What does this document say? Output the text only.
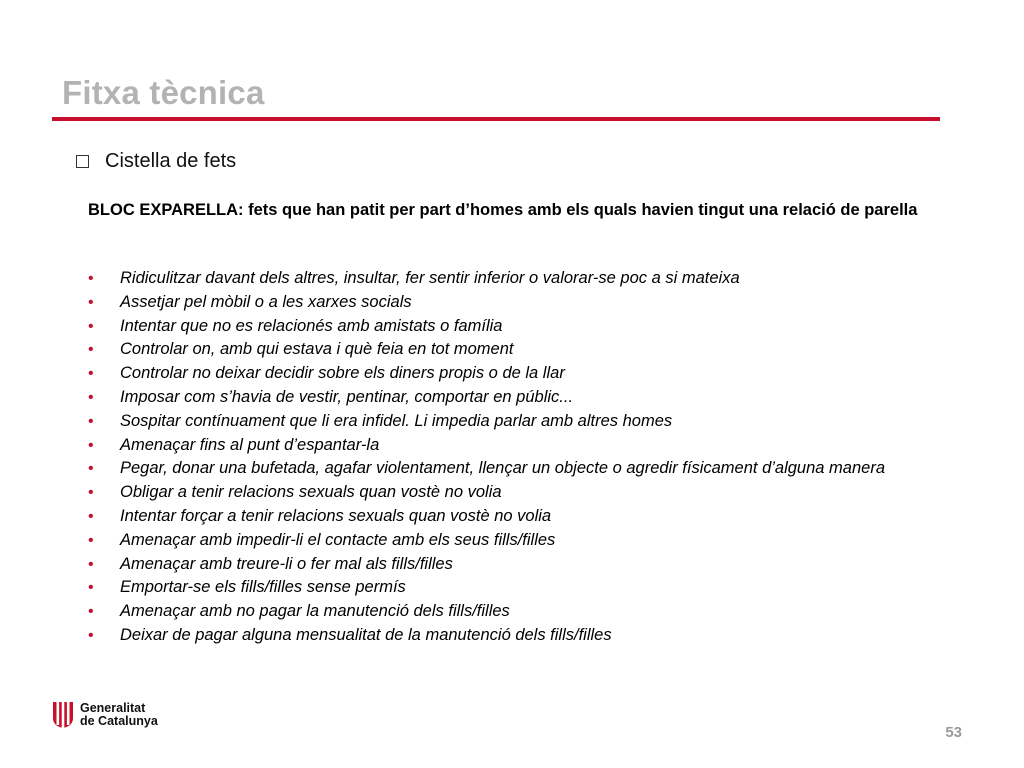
Fitxa tècnica
Cistella de fets
BLOC EXPARELLA: fets que han patit per part d’homes amb els quals havien tingut una relació de parella
• Ridiculitzar davant dels altres, insultar, fer sentir inferior o valorar-se poc a si mateixa
• Assetjar pel mòbil o a les xarxes socials
• Intentar que no es relacionés amb amistats o família
• Controlar on, amb qui estava i què feia en tot moment
• Controlar no deixar decidir sobre els diners propis o de la llar
• Imposar com s’havia de vestir, pentinar, comportar en públic...
• Sospitar contínuament que li era infidel. Li impedia parlar amb altres homes
• Amenaçar fins al punt d’espantar-la
• Pegar, donar una bufetada, agafar violentament, llençar un objecte o agredir físicament d’alguna manera
• Obligar a tenir relacions sexuals quan vostè no volia
• Intentar forçar a tenir relacions sexuals quan vostè no volia
• Amenaçar amb impedir-li el contacte amb els seus fills/filles
• Amenaçar amb treure-li o fer mal als fills/filles
• Emportar-se els fills/filles sense permís
• Amenaçar amb no pagar la manutenció dels fills/filles
• Deixar de pagar alguna mensualitat de la manutenció dels fills/filles
Generalitat
de Catalunya
53
